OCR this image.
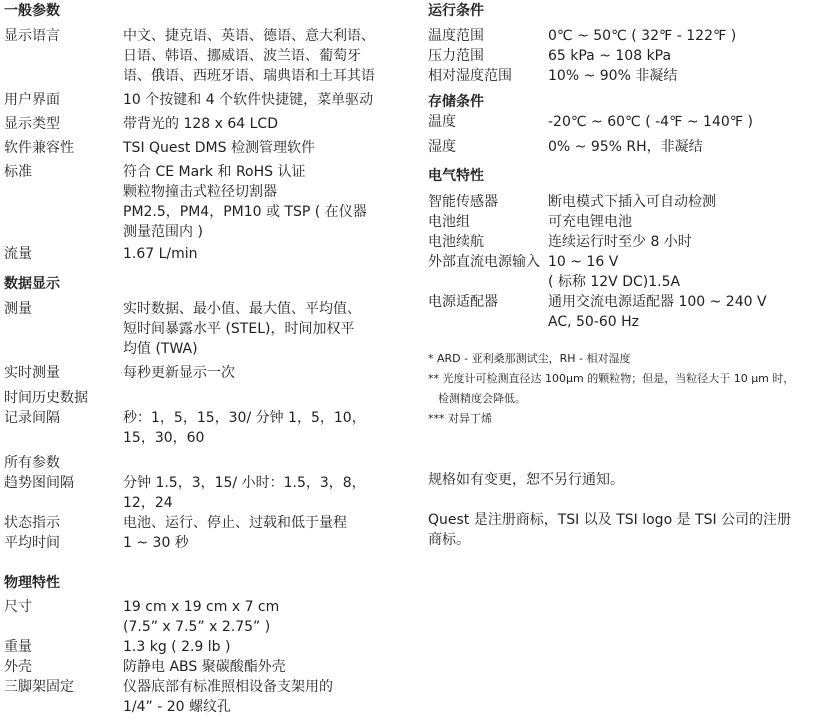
一般参数
显示语言	中文、捷克语、英语、德语、意大利语、
日语、韩语、挪威语、波兰语、葡萄牙
语、俄语、西班牙语、瑞典语和土耳其语
用户界面	10 个按键和 4 个软件快捷键，菜单驱动
显示类型	带背光的 128 x 64 LCD
软件兼容性	TSI Quest DMS 检测管理软件
标准	符合 CE Mark 和 RoHS 认证
颗粒物撞击式粒径切割器
PM2.5，PM4，PM10 或 TSP ( 在仪器
测量范围内 )
流量	1.67 L/min
数据显示
测量	实时数据、最小值、最大值、平均值、
短时间暴露水平 (STEL)，时间加权平
均值 (TWA)
实时测量	每秒更新显示一次
时间历史数据
记录间隔	秒：1，5，15，30/ 分钟 1，5，10，
15，30，60
所有参数
趋势图间隔	分钟 1.5，3，15/ 小时：1.5，3，8，
12，24
状态指示	电池、运行、停止、过载和低于量程
平均时间	1 ~ 30 秒
物理特性
尺寸	19 cm x 19 cm x 7 cm
(7.5” x 7.5” x 2.75” )
重量	1.3 kg ( 2.9 lb )
外壳	防静电 ABS 聚碳酸酯外壳
三脚架固定	仪器底部有标准照相设备支架用的
1/4” - 20 螺纹孔
运行条件
温度范围	0℃ ~ 50℃ ( 32℉ - 122℉ )
压力范围	65 kPa ~ 108 kPa
相对湿度范围	10% ~ 90% 非凝结
存储条件
温度	-20℃ ~ 60℃ ( -4℉ ~ 140℉ )
湿度	0% ~ 95% RH，非凝结
电气特性
智能传感器	断电模式下插入可自动检测
电池组	可充电锂电池
电池续航	连续运行时至少 8 小时
外部直流电源输入 10 ~ 16 V
( 标称 12V DC)1.5A
电源适配器	通用交流电源适配器 100 ~ 240 V
AC, 50-60 Hz
* ARD - 亚利桑那测试尘，RH - 相对湿度
** 光度计可检测直径达 100μm 的颗粒物；但是，当粒径大于 10 μm 时，
检测精度会降低。
*** 对异丁烯
规格如有变更，恕不另行通知。
Quest 是注册商标，TSI 以及 TSI logo 是 TSI 公司的注册
商标。
